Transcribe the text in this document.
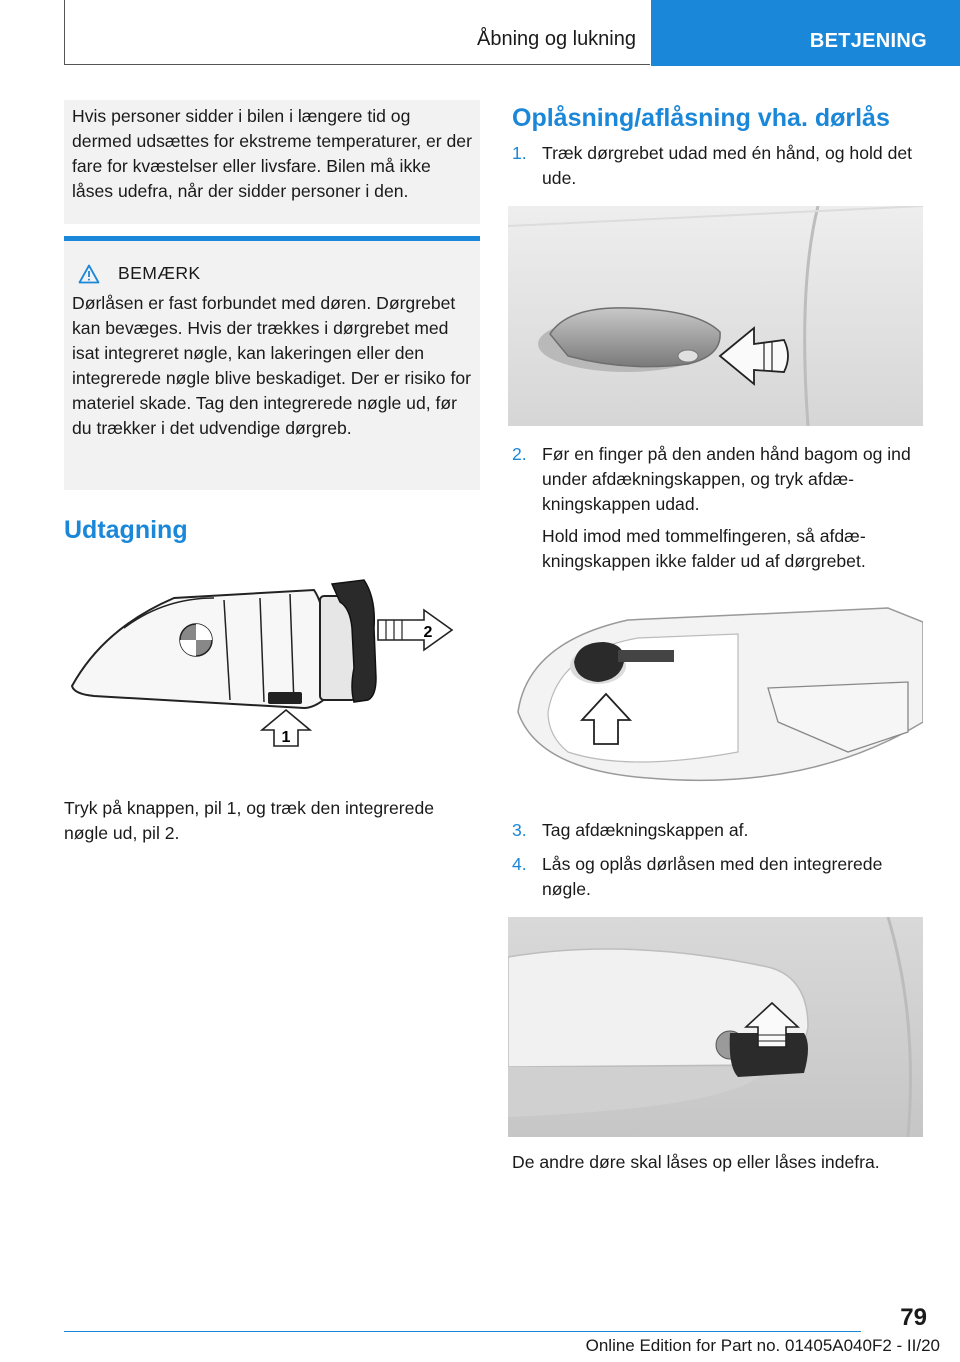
Åbning og lukning	BETJENING

Hvis personer sidder i bilen i længere tid og dermed udsættes for ekstreme temperaturer, er der fare for kvæstelser eller livsfare. Bilen må ikke låses udefra, når der sidder personer i den.

BEMÆRK

Dørlåsen er fast forbundet med døren. Dørgrebet kan bevæges. Hvis der trækkes i dørgrebet med isat integreret nøgle, kan lakeringen eller den integrerede nøgle blive beskadiget. Der er risiko for materiel skade. Tag den integrerede nøgle ud, før du trækker i det udvendige dørgreb.

Udtagning
1
2

Tryk på knappen, pil 1, og træk den integrerede nøgle ud, pil 2.

Oplåsning/aflåsning vha. dørlås
1. Træk dørgrebet udad med én hånd, og hold det ude.
2. Før en finger på den anden hånd bagom og ind under afdækningskappen, og tryk afdækningskappen udad.
Hold imod med tommelfingeren, så afdækningskappen ikke falder ud af dørgrebet.
3. Tag afdækningskappen af.
4. Lås og oplås dørlåsen med den integrerede nøgle.

De andre døre skal låses op eller låses indefra.

79
Online Edition for Part no. 01405A040F2 - II/20
